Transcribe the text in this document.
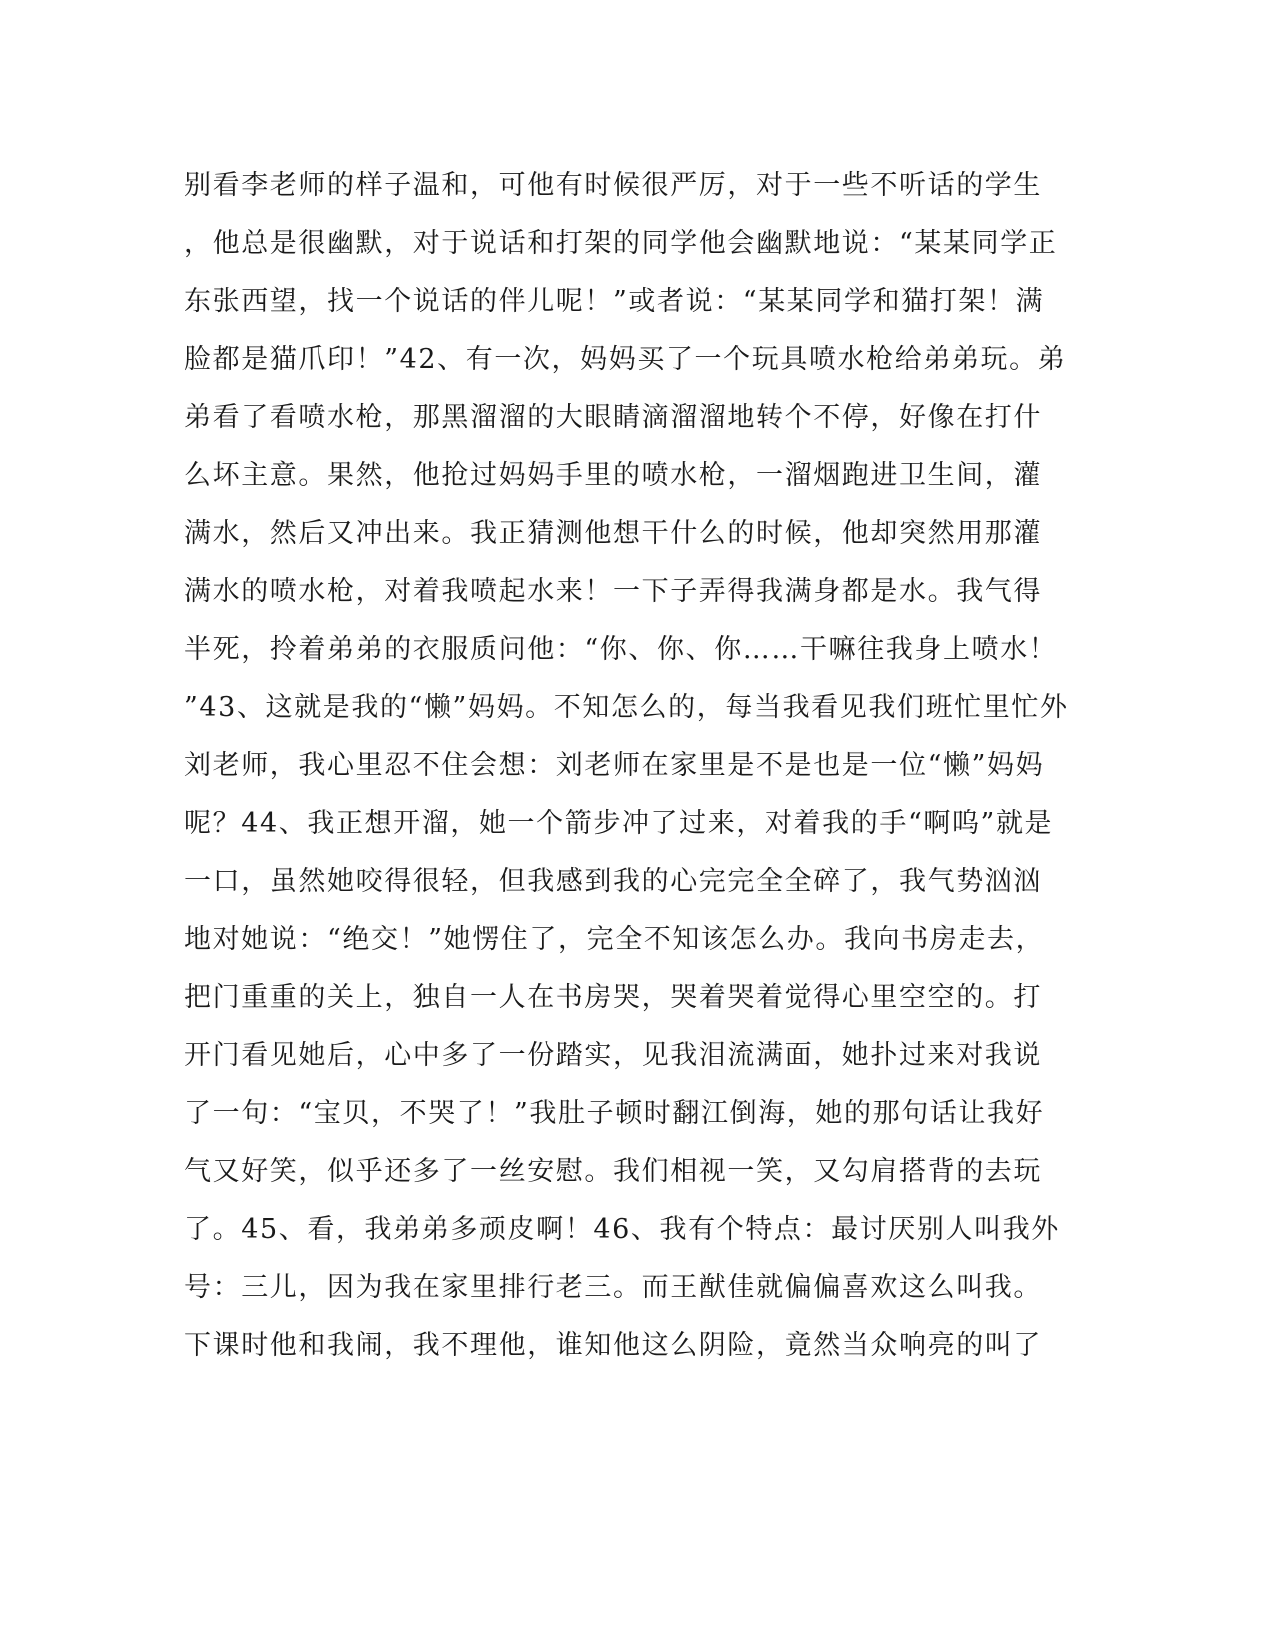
别看李老师的样子温和，可他有时候很严厉，对于一些不听话的学生
，他总是很幽默，对于说话和打架的同学他会幽默地说：“某某同学正
东张西望，找一个说话的伴儿呢！”或者说：“某某同学和猫打架！满
脸都是猫爪印！”42、有一次，妈妈买了一个玩具喷水枪给弟弟玩。弟
弟看了看喷水枪，那黑溜溜的大眼睛滴溜溜地转个不停，好像在打什
么坏主意。果然，他抢过妈妈手里的喷水枪，一溜烟跑进卫生间，灌
满水，然后又冲出来。我正猜测他想干什么的时候，他却突然用那灌
满水的喷水枪，对着我喷起水来！一下子弄得我满身都是水。我气得
半死，拎着弟弟的衣服质问他：“你、你、你……干嘛往我身上喷水！
”43、这就是我的“懒”妈妈。不知怎么的，每当我看见我们班忙里忙外
刘老师，我心里忍不住会想：刘老师在家里是不是也是一位“懒”妈妈
呢？44、我正想开溜，她一个箭步冲了过来，对着我的手“啊呜”就是
一口，虽然她咬得很轻，但我感到我的心完完全全碎了，我气势汹汹
地对她说：“绝交！”她愣住了，完全不知该怎么办。我向书房走去，
把门重重的关上，独自一人在书房哭，哭着哭着觉得心里空空的。打
开门看见她后，心中多了一份踏实，见我泪流满面，她扑过来对我说
了一句：“宝贝，不哭了！”我肚子顿时翻江倒海，她的那句话让我好
气又好笑，似乎还多了一丝安慰。我们相视一笑，又勾肩搭背的去玩
了。45、看，我弟弟多顽皮啊！46、我有个特点：最讨厌别人叫我外
号：三儿，因为我在家里排行老三。而王猷佳就偏偏喜欢这么叫我。
下课时他和我闹，我不理他，谁知他这么阴险，竟然当众响亮的叫了
